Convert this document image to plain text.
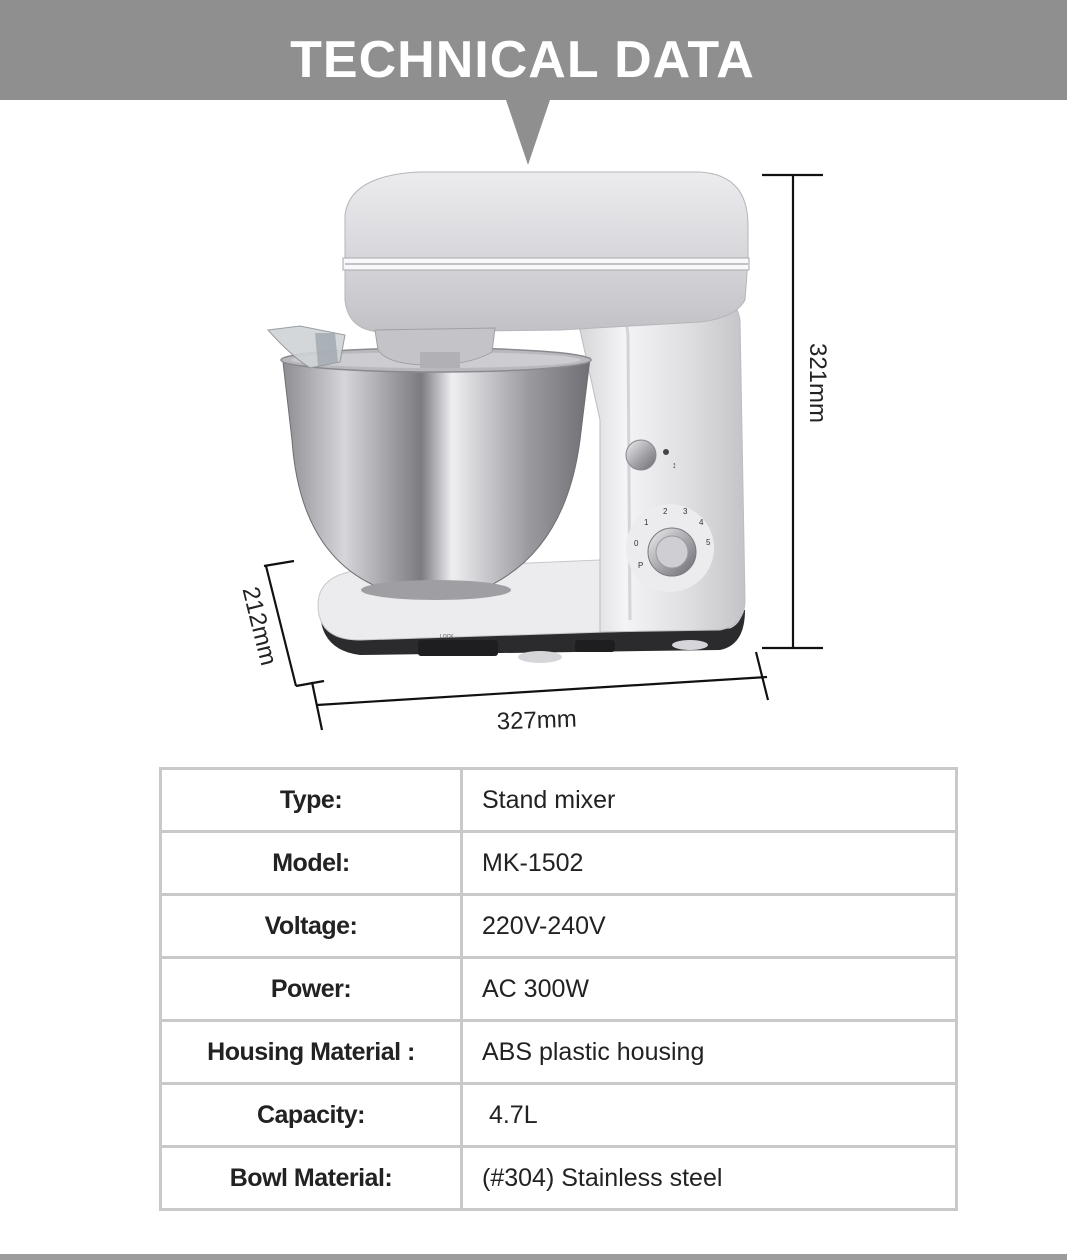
TECHNICAL DATA
LOCK
↕
P
0
1
2 3
4
5
321mm
327mm
212mm
Type:	Stand mixer
Model:	MK-1502
Voltage:	220V-240V
Power:	AC 300W
Housing Material :	ABS plastic housing
Capacity:	4.7L
Bowl Material:	(#304) Stainless steel
